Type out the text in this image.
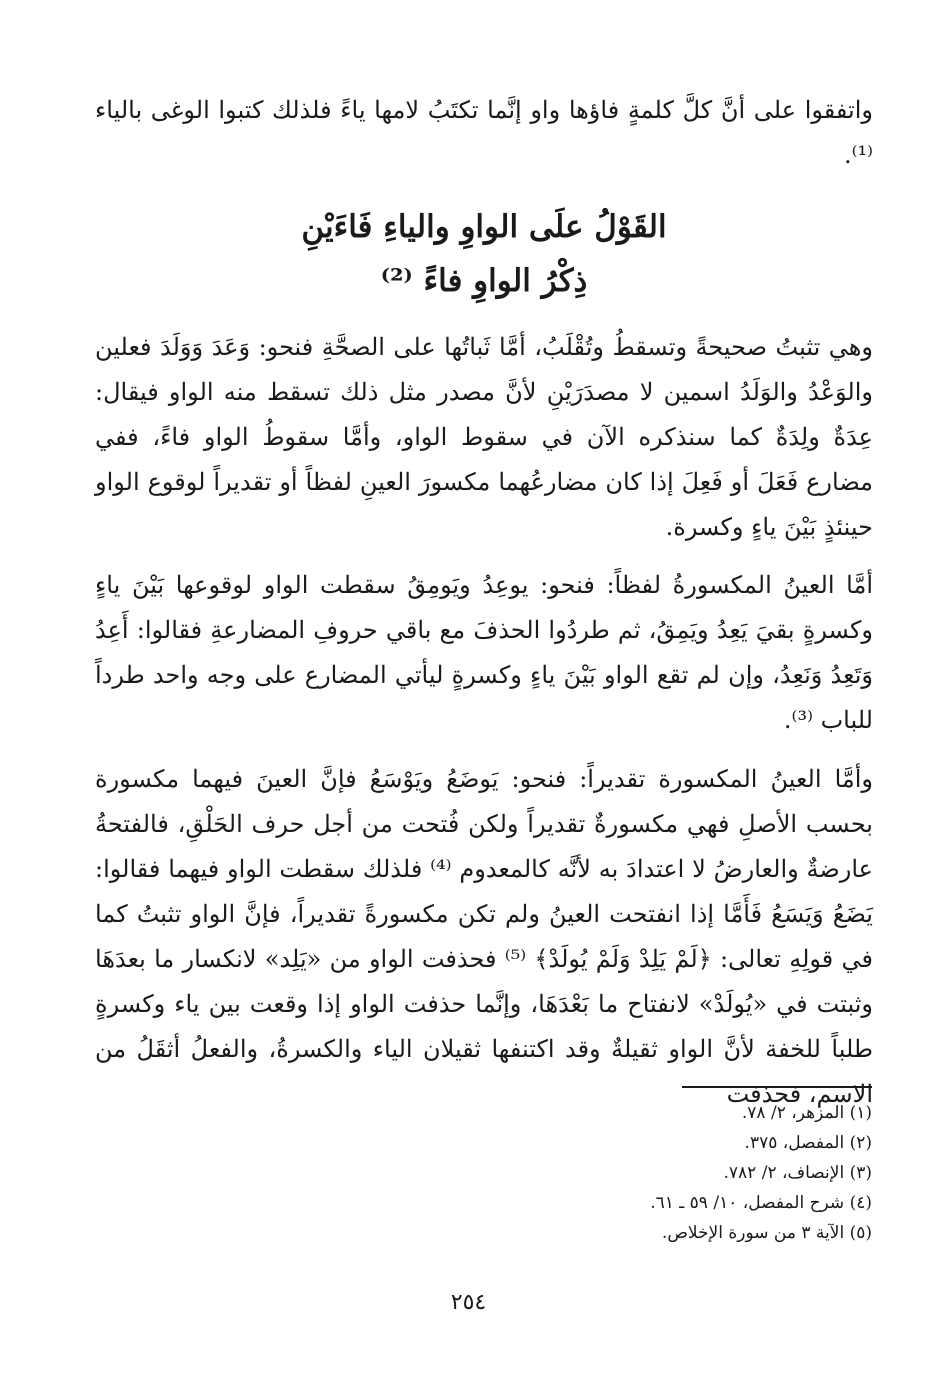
واتفقوا على أنَّ كلَّ كلمةٍ فاؤها واو إنَّما تكتَبُ لامها ياءً فلذلك كتبوا الوغى بالياء ⁽¹⁾.

القَوْلُ علَى الواوِ والياءِ فَاءَيْنِ

ذِكْرُ الواوِ فاءً ⁽²⁾

وهي تثبتُ صحيحةً وتسقطُ وتُقْلَبُ، أمَّا ثَباتُها على الصحَّةِ فنحو: وَعَدَ وَوَلَدَ فعلين والوَعْدُ والوَلَدُ اسمين لا مصدَرَيْنِ لأنَّ مصدر مثل ذلك تسقط منه الواو فيقال: عِدَةٌ ولِدَةٌ كما سنذكره الآن في سقوط الواو، وأمَّا سقوطُ الواو فاءً، ففي مضارع فَعَلَ أو فَعِلَ إذا كان مضارعُهما مكسورَ العينِ لفظاً أو تقديراً لوقوع الواو حينئذٍ بَيْنَ ياءٍ وكسرة.

أمَّا العينُ المكسورةُ لفظاً: فنحو: يوعِدُ ويَومِقُ سقطت الواو لوقوعها بَيْنَ ياءٍ وكسرةٍ بقيَ يَعِدُ ويَمِقُ، ثم طردُوا الحذفَ مع باقي حروفِ المضارعةِ فقالوا: أَعِدُ وَتَعِدُ وَنَعِدُ، وإن لم تقع الواو بَيْنَ ياءٍ وكسرةٍ ليأتي المضارع على وجه واحد طرداً للباب ⁽³⁾.

وأمَّا العينُ المكسورة تقديراً: فنحو: يَوضَعُ ويَوْسَعُ فإنَّ العينَ فيهما مكسورة بحسب الأصلِ فهي مكسورةٌ تقديراً ولكن فُتحت من أجل حرف الحَلْقِ، فالفتحةُ عارضةٌ والعارضُ لا اعتدادَ به لأنَّه كالمعدوم ⁽⁴⁾ فلذلك سقطت الواو فيهما فقالوا: يَضَعُ وَيَسَعُ فَأَمَّا إذا انفتحت العينُ ولم تكن مكسورةً تقديراً، فإنَّ الواو تثبتُ كما في قولِهِ تعالى: ﴿لَمْ يَلِدْ وَلَمْ يُولَدْ﴾ ⁽⁵⁾ فحذفت الواو من «يَلِد» لانكسار ما بعدَهَا وثبتت في «يُولَدْ» لانفتاح ما بَعْدَهَا، وإنَّما حذفت الواو إذا وقعت بين ياء وكسرةٍ طلباً للخفة لأنَّ الواو ثقيلةٌ وقد اكتنفها ثقيلان الياء والكسرةُ، والفعلُ أثقَلُ من الاسم، فحذفت

(١) المزهر، ٢/ ٧٨.
(٢) المفصل، ٣٧٥.
(٣) الإنصاف، ٢/ ٧٨٢.
(٤) شرح المفصل، ١٠/ ٥٩ ـ ٦١.
(٥) الآية ٣ من سورة الإخلاص.
٢٥٤
